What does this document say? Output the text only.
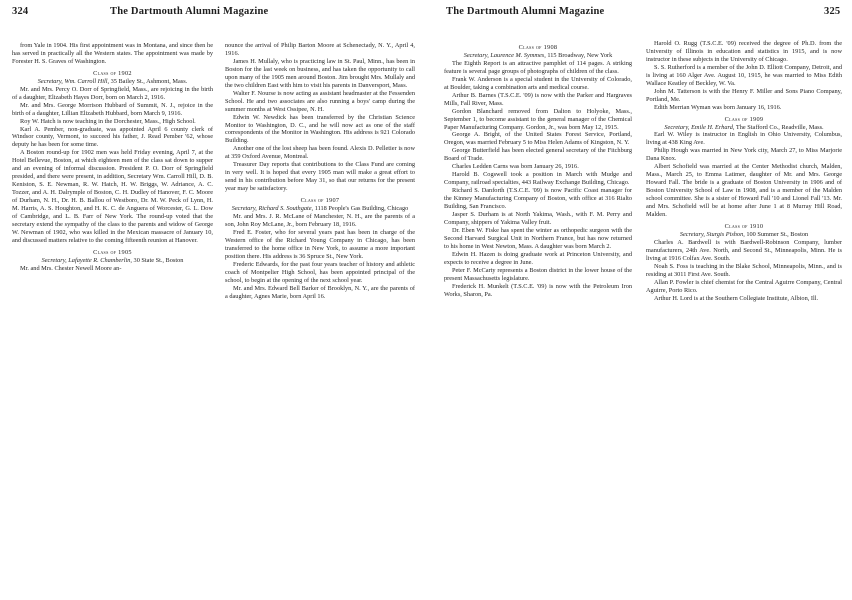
324	The Dartmouth Alumni Magazine

from Yale in 1904. His first appointment was in Montana, and since then he has served in practically all the Western states. The appointment was made by Forester H. S. Graves of Washington.

Class of 1902
Secretary, Wm. Carroll Hill, 35 Bailey St., Ashmont, Mass.

Mr. and Mrs. Percy O. Dorr of Springfield, Mass., are rejoicing in the birth of a daughter, Elizabeth Hayes Dorr, born on March 2, 1916.

Mr. and Mrs. George Morrison Hubbard of Summit, N. J., rejoice in the birth of a daughter, Lillian Elizabeth Hubbard, born March 9, 1916.

Roy W. Hatch is now teaching in the Dorchester, Mass., High School.

Karl A. Pember, non-graduate, was appointed April 6 county clerk of Windsor county, Vermont, to succeed his father, J. Read Pember '62, whose deputy he has been for some time.

A Boston round-up for 1902 men was held Friday evening, April 7, at the Hotel Bellevue, Boston, at which eighteen men of the class sat down to supper and an evening of informal discussion. President P. O. Dorr of Springfield presided, and there were present, in addition, Secretary Wm. Carroll Hill, D. B. Keniston, S. E. Newman, R. W. Hatch, H. W. Briggs, W. Adriance, A. C. Tozzer, and A. H. Dalrymple of Boston, C. H. Dudley of Hanover, F. C. Moore of Durham, N. H., Dr. H. B. Ballou of Westboro, Dr. M. W. Peck of Lynn, H. M. Harris, A. S. Houghton, and H. K. C. de Anguera of Worcester, G. L. Dow of Cambridge, and L. B. Farr of New York. The round-up voted that the secretary extend the sympathy of the class to the parents and widow of George W. Newman of 1902, who was killed in the Mexican massacre of January 10, and discussed matters relative to the coming fifteenth reunion at Hanover.

Class of 1905
Secretary, Lafayette R. Chamberlin, 30 State St., Boston

Mr. and Mrs. Chester Newell Moore an-

nounce the arrival of Philip Barton Moore at Schenectady, N. Y., April 4, 1916.

James H. Mullaly, who is practicing law in St. Paul, Minn., has been in Boston for the last week on business, and has taken the opportunity to call upon many of the 1905 men around Boston. Jim brought Mrs. Mullaly and the two children East with him to visit his parents in Danversport, Mass.

Walter F. Nourse is now acting as assistant headmaster at the Fessenden School. He and two associates are also running a boys' camp during the summer months at West Ossipee, N. H.

Edwin W. Newdick has been transferred by the Christian Science Monitor to Washington, D. C., and he will now act as one of the staff correspondents of the Monitor in Washington. His address is 921 Colorado Building.

Another one of the lost sheep has been found. Alexis D. Pelletier is now at 359 Oxford Avenue, Montreal.

Treasurer Day reports that contributions to the Class Fund are coming in very well. It is hoped that every 1905 man will make a great effort to send in his contribution before May 31, so that our returns for the present year may be satisfactory.

Class of 1907
Secretary, Richard S. Southgate, 1118 People's Gas Building, Chicago

Mr. and Mrs. J. R. McLane of Manchester, N. H., are the parents of a son, John Roy McLane, Jr., born February 18, 1916.

Fred E. Foster, who for several years past has been in charge of the Western office of the Richard Young Company in Chicago, has been transferred to the home office in New York, to assume a more important position there. His address is 36 Spruce St., New York.

Frederic Edwards, for the past four years teacher of history and athletic coach of Montpelier High School, has been appointed principal of the school, to begin at the opening of the next school year.

Mr. and Mrs. Edward Bell Barker of Brooklyn, N. Y., are the parents of a daughter, Agnes Marie, born April 16.

The Dartmouth Alumni Magazine	325
Class of 1908
Secretary, Laurence M. Symmes, 115 Broadway, New York

The Eighth Report is an attractive pamphlet of 114 pages. A striking feature is several page groups of photographs of children of the class.

Frank W. Anderson is a special student in the University of Colorado, at Boulder, taking a combination arts and medical course.

Arthur B. Barnes (T.S.C.E. '09) is now with the Parker and Hargraves Mills, Fall River, Mass.

Gordon Blanchard removed from Dalton to Holyoke, Mass., September 1, to become assistant to the general manager of the Chemical Paper Manufacturing Company. Gordon, Jr., was born May 12, 1915.

George A. Bright, of the United States Forest Service, Portland, Oregon, was married February 5 to Miss Helen Adams of Kingston, N. Y.

George Butterfield has been elected general secretary of the Fitchburg Board of Trade.

Charles Ledden Carns was born January 26, 1916.

Harold B. Cogswell took a position in March with Mudge and Company, railroad specialties, 443 Railway Exchange Building, Chicago.

Richard S. Danforth (T.S.C.E. '09) is now Pacific Coast manager for the Kinney Manufacturing Company of Boston, with office at 316 Rialto Building, San Francisco.

Jasper S. Durham is at North Yakima, Wash., with F. M. Perry and Company, shippers of Yakima Valley fruit.

Dr. Eben W. Fiske has spent the winter as orthopedic surgeon with the Second Harvard Surgical Unit in Northern France, but has now returned to his home in West Newton, Mass. A daughter was born March 2.

Edwin H. Hazen is doing graduate work at Princeton University, and expects to receive a degree in June.

Peter F. McCarty represents a Boston district in the lower house of the present Massachusetts legislature.

Frederick H. Munkelt (T.S.C.E. '09) is now with the Petroleum Iron Works, Sharon, Pa.

Harold O. Rugg (T.S.C.E. '09) received the degree of Ph.D. from the University of Illinois in education and statistics in 1915, and is now instructor in these subjects in the University of Chicago.

S. S. Rutherford is a member of the John D. Elliott Company, Detroit, and is living at 160 Alger Ave. August 10, 1915, he was married to Miss Edith Wallace Keatley of Beckley, W. Va.

John M. Tatterson is with the Henry F. Miller and Sons Piano Company, Portland, Me.

Edith Merrian Wyman was born January 16, 1916.

Class of 1909
Secretary, Emile H. Erhard, The Stafford Co., Readville, Mass.

Earl W. Wiley is instructor in English in Ohio University, Columbus, living at 438 King Ave.

Philip Hough was married in New York city, March 27, to Miss Marjorie Dana Knox.

Albert Schofield was married at the Center Methodist church, Malden, Mass., March 25, to Emma Latimer, daughter of Mr. and Mrs. George Howard Fall. The bride is a graduate of Boston University in 1906 and of Boston University School of Law in 1908, and is a member of the Malden school committee. She is a sister of Howard Fall '10 and Lionel Fall '13. Mr. and Mrs. Schofield will be at home after June 1 at 8 Murray Hill Road, Malden.

Class of 1910
Secretary, Sturgis Pishon, 100 Summer St., Boston

Charles A. Bardwell is with Bardwell-Robinson Company, lumber manufacturers, 24th Ave. North, and Second St., Minneapolis, Minn. He is living at 1916 Colfax Ave. South.

Noah S. Foss is teaching in the Blake School, Minneapolis, Minn., and is residing at 3011 First Ave. South.

Allan P. Fowler is chief chemist for the Central Aguirre Company, Central Aguirre, Porto Rico.

Arthur H. Lord is at the Southern Collegiate Institute, Albion, Ill.
